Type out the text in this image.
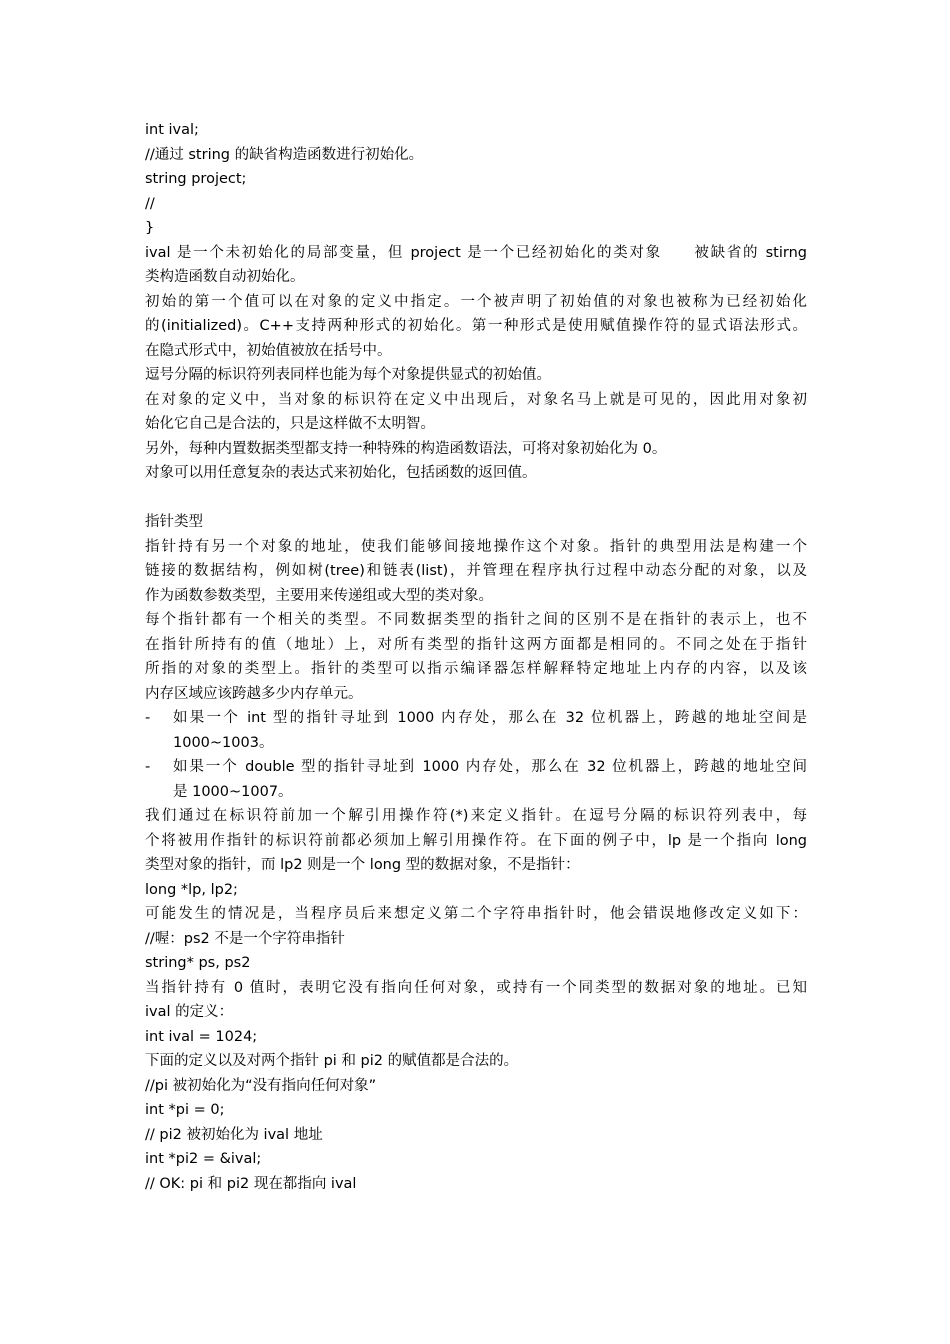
int ival;
//通过 string 的缺省构造函数进行初始化。
string project;
//
}
ival 是一个未初始化的局部变量，但 project 是一个已经初始化的类对象　　被缺省的 stirng
类构造函数自动初始化。
初始的第一个值可以在对象的定义中指定。一个被声明了初始值的对象也被称为已经初始化
的(initialized)。C++支持两种形式的初始化。第一种形式是使用赋值操作符的显式语法形式。
在隐式形式中，初始值被放在括号中。
逗号分隔的标识符列表同样也能为每个对象提供显式的初始值。
在对象的定义中，当对象的标识符在定义中出现后，对象名马上就是可见的，因此用对象初
始化它自己是合法的，只是这样做不太明智。
另外，每种内置数据类型都支持一种特殊的构造函数语法，可将对象初始化为 0。
对象可以用任意复杂的表达式来初始化，包括函数的返回值。
指针类型
指针持有另一个对象的地址，使我们能够间接地操作这个对象。指针的典型用法是构建一个
链接的数据结构，例如树(tree)和链表(list)，并管理在程序执行过程中动态分配的对象，以及
作为函数参数类型，主要用来传递组或大型的类对象。
每个指针都有一个相关的类型。不同数据类型的指针之间的区别不是在指针的表示上，也不
在指针所持有的值（地址）上，对所有类型的指针这两方面都是相同的。不同之处在于指针
所指的对象的类型上。指针的类型可以指示编译器怎样解释特定地址上内存的内容，以及该
内存区域应该跨越多少内存单元。
- 如果一个 int 型的指针寻址到 1000 内存处，那么在 32 位机器上，跨越的地址空间是
1000~1003。
- 如果一个 double 型的指针寻址到 1000 内存处，那么在 32 位机器上，跨越的地址空间
是 1000~1007。
我们通过在标识符前加一个解引用操作符(*)来定义指针。在逗号分隔的标识符列表中，每
个将被用作指针的标识符前都必须加上解引用操作符。在下面的例子中，lp 是一个指向 long
类型对象的指针，而 lp2 则是一个 long 型的数据对象，不是指针：
long *lp, lp2;
可能发生的情况是，当程序员后来想定义第二个字符串指针时，他会错误地修改定义如下：
//喔：ps2 不是一个字符串指针
string* ps, ps2
当指针持有 0 值时，表明它没有指向任何对象，或持有一个同类型的数据对象的地址。已知
ival 的定义：
int ival = 1024;
下面的定义以及对两个指针 pi 和 pi2 的赋值都是合法的。
//pi 被初始化为“没有指向任何对象”
int *pi = 0;
// pi2 被初始化为 ival 地址
int *pi2 = &ival;
// OK: pi 和 pi2 现在都指向 ival
